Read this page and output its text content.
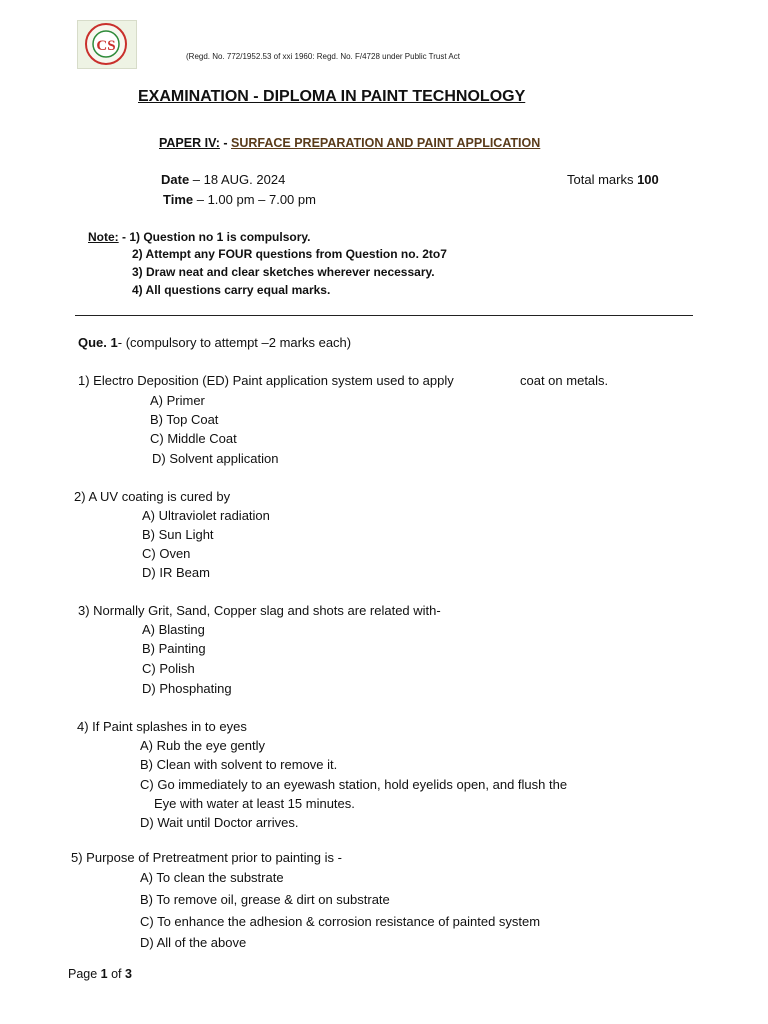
CS
(Regd. No. 772/1952.53 of xxi 1960: Regd. No. F/4728 under Public Trust Act
EXAMINATION - DIPLOMA IN PAINT TECHNOLOGY
PAPER IV: - SURFACE PREPARATION AND PAINT APPLICATION
Date – 18 AUG. 2024
Time – 1.00 pm – 7.00 pm
Total marks 100
Note: - 1) Question no 1 is compulsory.
2) Attempt any FOUR questions from Question no. 2to7
3) Draw neat and clear sketches wherever necessary.
4) All questions carry equal marks.
Que. 1- (compulsory to attempt –2 marks each)
1) Electro Deposition (ED) Paint application system used to apply	coat on metals.
A) Primer
B) Top Coat
C) Middle Coat
D) Solvent application
2) A UV coating is cured by
A) Ultraviolet radiation
B) Sun Light
C) Oven
D) IR Beam
3) Normally Grit, Sand, Copper slag and shots are related with-
A) Blasting
B) Painting
C) Polish
D) Phosphating
4) If Paint splashes in to eyes
A) Rub the eye gently
B) Clean with solvent to remove it.
C) Go immediately to an eyewash station, hold eyelids open, and flush the
Eye with water at least 15 minutes.
D) Wait until Doctor arrives.
5) Purpose of Pretreatment prior to painting is -
A) To clean the substrate
B) To remove oil, grease & dirt on substrate
C) To enhance the adhesion & corrosion resistance of painted system
D) All of the above
Page 1 of 3
